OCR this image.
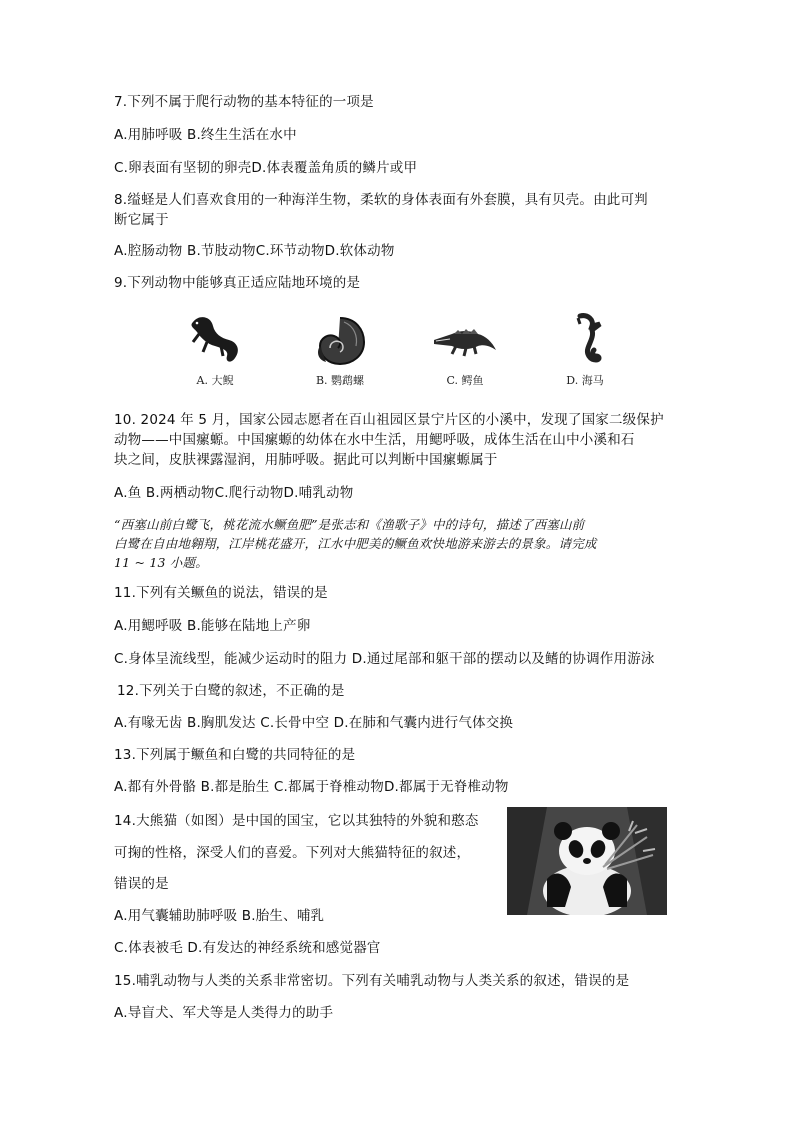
7.下列不属于爬行动物的基本特征的一项是
A.用肺呼吸 B.终生生活在水中
C.卵表面有坚韧的卵壳D.体表覆盖角质的鳞片或甲
8.缢蛏是人们喜欢食用的一种海洋生物，柔软的身体表面有外套膜，具有贝壳。由此可判
断它属于
A.腔肠动物 B.节肢动物C.环节动物D.软体动物
9.下列动物中能够真正适应陆地环境的是
A. 大鲵	B. 鹦鹉螺	C. 鳄鱼	D. 海马
10. 2024 年 5 月，国家公园志愿者在百山祖园区景宁片区的小溪中，发现了国家二级保护
动物——中国瘰螈。中国瘰螈的幼体在水中生活，用鳃呼吸，成体生活在山中小溪和石
块之间，皮肤裸露湿润，用肺呼吸。据此可以判断中国瘰螈属于
A.鱼 B.两栖动物C.爬行动物D.哺乳动物
“西塞山前白鹭飞，桃花流水鳜鱼肥”是张志和《渔歌子》中的诗句，描述了西塞山前
白鹭在自由地翱翔，江岸桃花盛开，江水中肥美的鳜鱼欢快地游来游去的景象。请完成
11 ~ 13 小题。
11.下列有关鳜鱼的说法，错误的是
A.用鳃呼吸 B.能够在陆地上产卵
C.身体呈流线型，能减少运动时的阻力 D.通过尾部和躯干部的摆动以及鳍的协调作用游泳
12.下列关于白鹭的叙述，不正确的是
A.有喙无齿 B.胸肌发达 C.长骨中空 D.在肺和气囊内进行气体交换
13.下列属于鳜鱼和白鹭的共同特征的是
A.都有外骨骼 B.都是胎生 C.都属于脊椎动物D.都属于无脊椎动物
14.大熊猫（如图）是中国的国宝，它以其独特的外貌和憨态
可掬的性格，深受人们的喜爱。下列对大熊猫特征的叙述，
错误的是
A.用气囊辅助肺呼吸 B.胎生、哺乳
C.体表被毛 D.有发达的神经系统和感觉器官
15.哺乳动物与人类的关系非常密切。下列有关哺乳动物与人类关系的叙述，错误的是
A.导盲犬、军犬等是人类得力的助手
